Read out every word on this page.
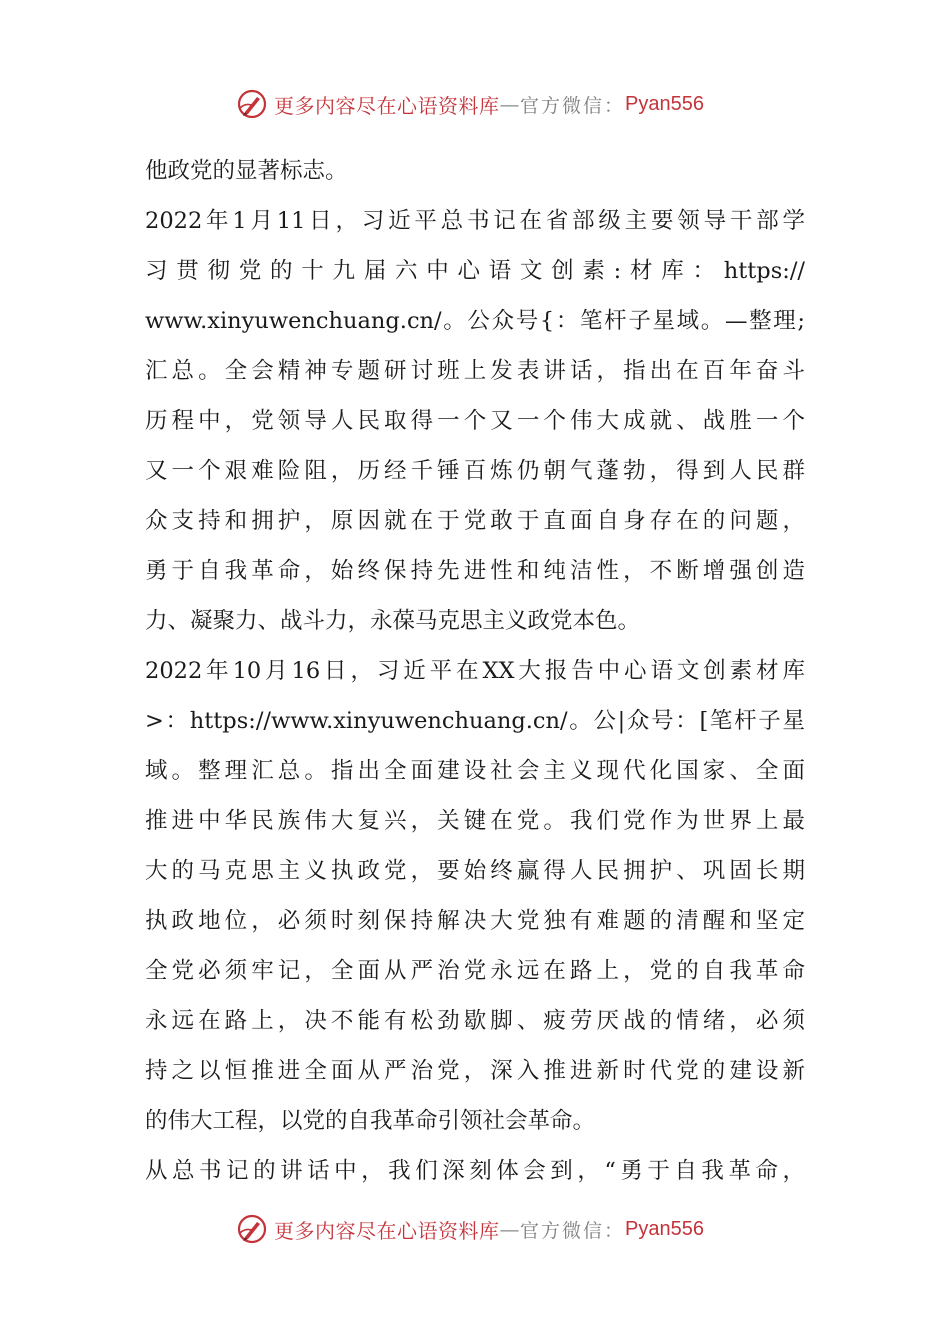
更多内容尽在心语资料库 — 官方微信： Pyan556
他政党的显著标志。
2022年1月11日，习近平总书记在省部级主要领导干部学
习贯彻党的十九届六中心语文创素:材库：https://
www.xinyuwenchuang.cn/。公众号{：笔杆子星域。—整理;
汇总。全会精神专题研讨班上发表讲话，指出在百年奋斗
历程中，党领导人民取得一个又一个伟大成就、战胜一个
又一个艰难险阻，历经千锤百炼仍朝气蓬勃，得到人民群
众支持和拥护，原因就在于党敢于直面自身存在的问题，
勇于自我革命，始终保持先进性和纯洁性，不断增强创造
力、凝聚力、战斗力，永葆马克思主义政党本色。
2022年10月16日，习近平在XX大报告中心语文创素材库
>：https://www.xinyuwenchuang.cn/。公|众号：[笔杆子星
域。整理汇总。指出全面建设社会主义现代化国家、全面
推进中华民族伟大复兴，关键在党。我们党作为世界上最
大的马克思主义执政党，要始终赢得人民拥护、巩固长期
执政地位，必须时刻保持解决大党独有难题的清醒和坚定
全党必须牢记，全面从严治党永远在路上，党的自我革命
永远在路上，决不能有松劲歇脚、疲劳厌战的情绪，必须
持之以恒推进全面从严治党，深入推进新时代党的建设新
的伟大工程，以党的自我革命引领社会革命。
从总书记的讲话中，我们深刻体会到，“勇于自我革命，
更多内容尽在心语资料库 — 官方微信： Pyan556
